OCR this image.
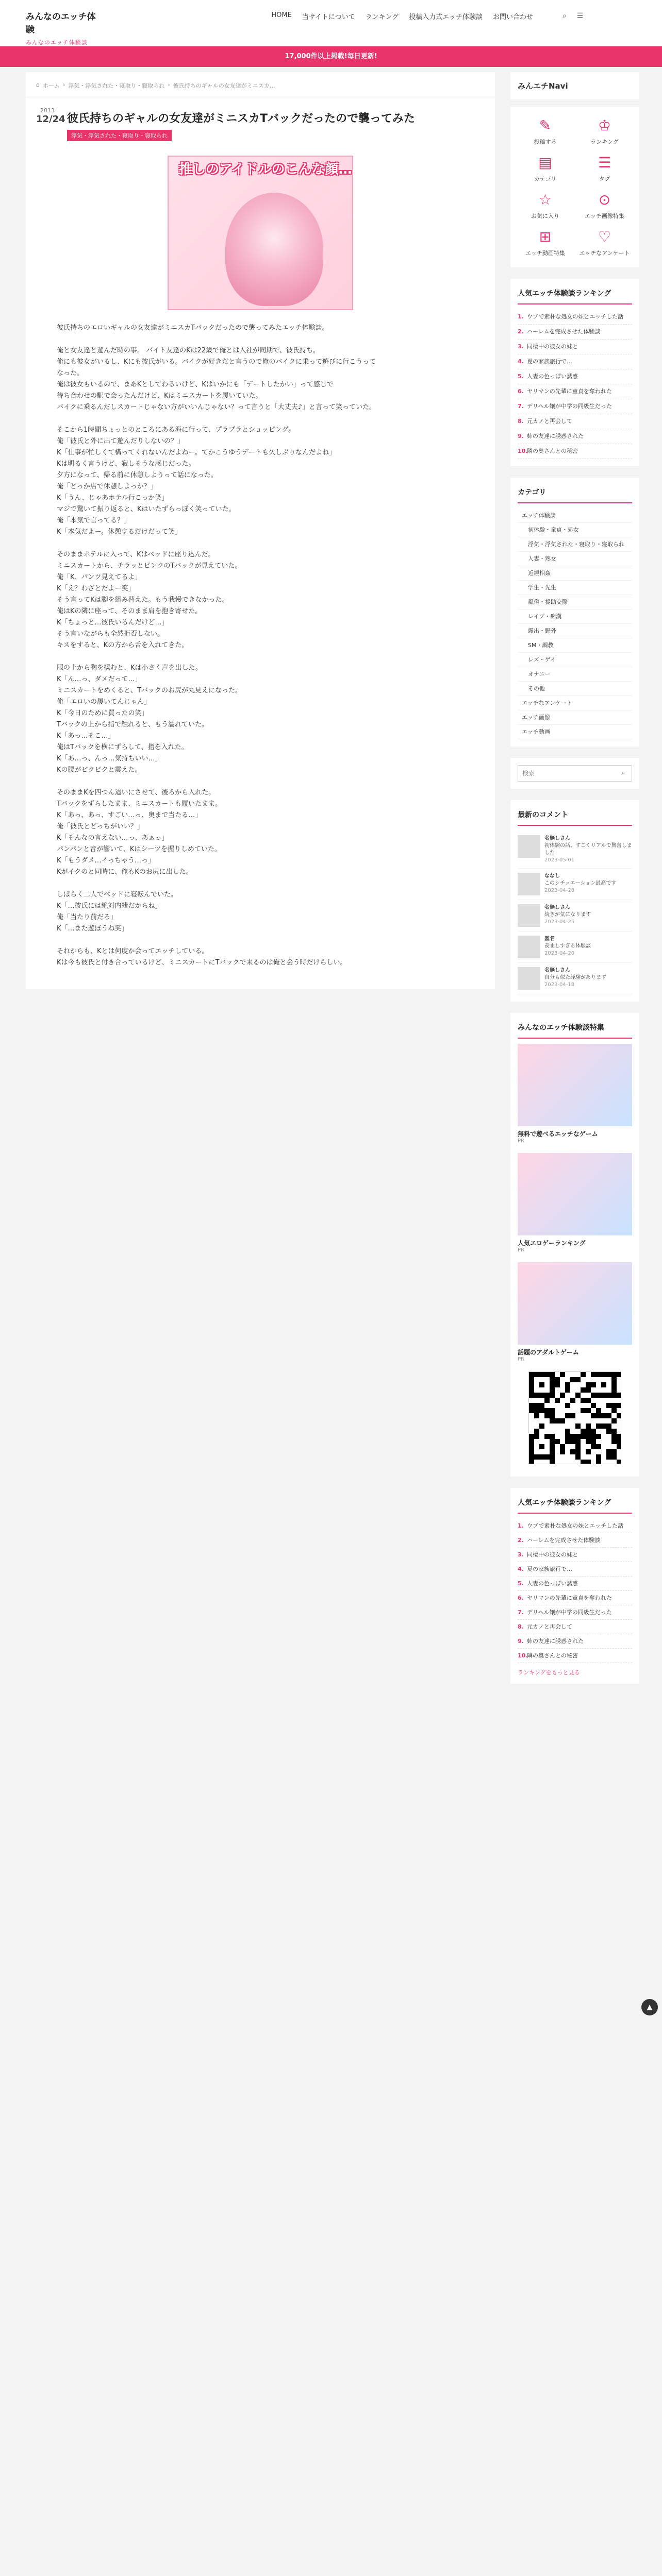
みんなのエッチ体験
みんなのエッチ体験談
HOME 当サイトについて ランキング 投稿入力式エッチ体験談 お問い合わせ	⌕	☰
17,000件以上掲載!毎日更新!
⌂ ホーム › 浮気・浮気された・寝取り・寝取られ › 彼氏持ちのギャルの女友達がミニスカ…
2013
12/24 彼氏持ちのギャルの女友達がミニスカTバックだったので襲ってみた
浮気・浮気された・寝取り・寝取られ
推しのアイドルのこんな顔…

彼氏持ちのエロいギャルの女友達がミニスカTバックだったので襲ってみたエッチ体験談。

俺と女友達と遊んだ時の事。 バイト友達のKは22歳で俺とは入社が同期で、彼氏持ち。
俺にも彼女がいるし、Kにも彼氏がいる。バイクが好きだと言うので俺のバイクに乗って遊びに行こうって
なった。
俺は彼女もいるので、まあKとしてわるいけど、Kはいかにも「デートしたかい」って感じで
待ち合わせの駅で会ったんだけど、Kはミニスカートを履いていた。
バイクに乗るんだしスカートじゃない方がいいんじゃない？って言うと「大丈夫♪」と言って笑っていた。

そこから1時間ちょっとのところにある海に行って、プラプラとショッピング。
俺「彼氏と外に出て遊んだりしないの？」
K「仕事が忙しくて構ってくれないんだよねー。てかこうゆうデートも久しぶりなんだよね」
Kは明るく言うけど、寂しそうな感じだった。
夕方になって、帰る前に休憩しようって話になった。
俺「どっか店で休憩しよっか？」
K「うん、じゃあホテル行こっか笑」
マジで驚いて振り返ると、Kはいたずらっぽく笑っていた。
俺「本気で言ってる？」
K「本気だよー。休憩するだけだって笑」

そのままホテルに入って、Kはベッドに座り込んだ。
ミニスカートから、チラッとピンクのTバックが見えていた。
俺「K、パンツ見えてるよ」
K「え？わざとだよー笑」
そう言ってKは脚を組み替えた。もう我慢できなかった。
俺はKの隣に座って、そのまま肩を抱き寄せた。
K「ちょっと…彼氏いるんだけど…」
そう言いながらも全然拒否しない。
キスをすると、Kの方から舌を入れてきた。

服の上から胸を揉むと、Kは小さく声を出した。
K「ん…っ、ダメだって…」
ミニスカートをめくると、Tバックのお尻が丸見えになった。
俺「エロいの履いてんじゃん」
K「今日のために買ったの笑」
Tバックの上から指で触れると、もう濡れていた。
K「あっ…そこ…」
俺はTバックを横にずらして、指を入れた。
K「あ…っ、んっ…気持ちいい…」
Kの腰がビクビクと震えた。

そのままKを四つん這いにさせて、後ろから入れた。
Tバックをずらしたまま、ミニスカートも履いたまま。
K「あっ、あっ、すごい…っ、奥まで当たる…」
俺「彼氏とどっちがいい？」
K「そんなの言えない…っ、あぁっ」
パンパンと音が響いて、Kはシーツを握りしめていた。
K「もうダメ…イっちゃう…っ」
Kがイクのと同時に、俺もKのお尻に出した。

しばらく二人でベッドに寝転んでいた。
K「…彼氏には絶対内緒だからね」
俺「当たり前だろ」
K「…また遊ぼうね笑」

それからも、Kとは何度か会ってエッチしている。
Kは今も彼氏と付き合っているけど、ミニスカートにTバックで来るのは俺と会う時だけらしい。

みんエチNavi
✎
投稿する
♔
ランキング
▤
カテゴリ
☰
タグ
☆
お気に入り
⊙
エッチ画像特集
⊞
エッチ動画特集
♡
エッチなアンケート
人気エッチ体験談ランキング
1. ウブで素朴な処女の妹とエッチした話
2. ハーレムを完成させた体験談
3. 同棲中の彼女の妹と
4. 夏の家族旅行で…
5. 人妻の色っぽい誘惑
6. ヤリマンの先輩に童貞を奪われた
7. デリヘル嬢が中学の同級生だった
8. 元カノと再会して
9. 姉の友達に誘惑された
10. 隣の奥さんとの秘密
カテゴリ
エッチ体験談
初体験・童貞・処女
浮気・浮気された・寝取り・寝取られ
人妻・熟女
近親相姦
学生・先生
風俗・援助交際
レイプ・痴漢
露出・野外
SM・調教
レズ・ゲイ
オナニー
その他
エッチなアンケート
エッチ画像
エッチ動画
検索
⌕
最新のコメント
名無しさん
初体験の話、すごくリアルで興奮しました
2023-05-01
ななし
このシチュエーション最高です
2023-04-28
名無しさん
続きが気になります
2023-04-25
匿名
羨ましすぎる体験談
2023-04-20
名無しさん
自分も似た経験があります
2023-04-18
みんなのエッチ体験談特集
無料で遊べるエッチなゲーム
PR
人気エロゲーランキング
PR
話題のアダルトゲーム
PR
人気エッチ体験談ランキング
1. ウブで素朴な処女の妹とエッチした話
2. ハーレムを完成させた体験談
3. 同棲中の彼女の妹と
4. 夏の家族旅行で…
5. 人妻の色っぽい誘惑
6. ヤリマンの先輩に童貞を奪われた
7. デリヘル嬢が中学の同級生だった
8. 元カノと再会して
9. 姉の友達に誘惑された
10. 隣の奥さんとの秘密
ランキングをもっと見る
▲
